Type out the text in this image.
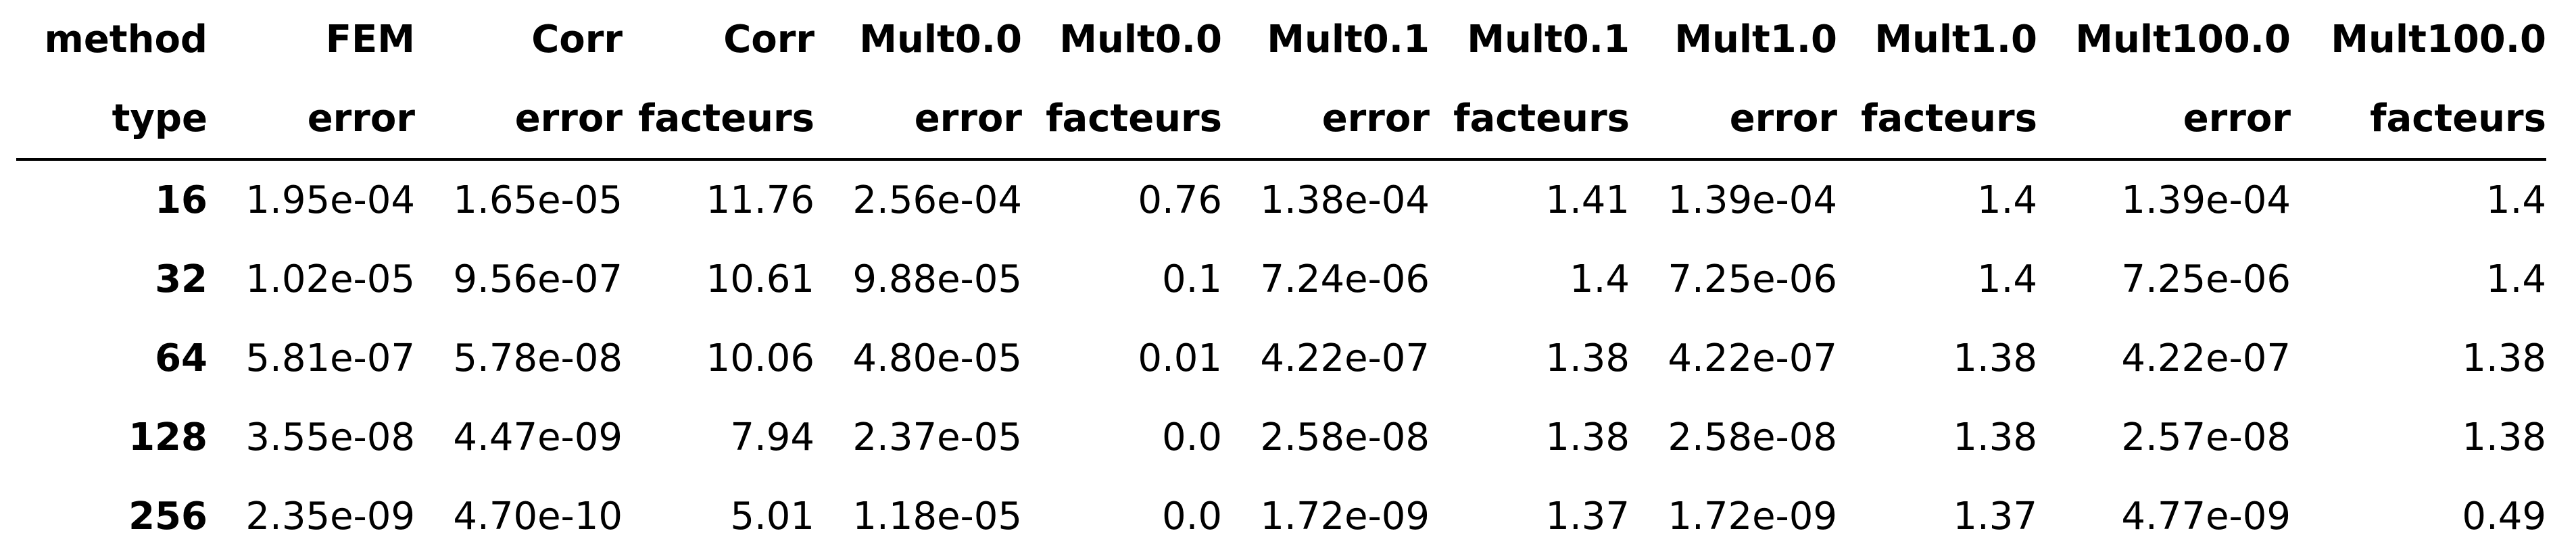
method	FEM	Corr	Corr	Mult0.0	Mult0.0	Mult0.1	Mult0.1	Mult1.0	Mult1.0	Mult100.0	Mult100.0
type	error	error	facteurs	error	facteurs	error	facteurs	error	facteurs	error	facteurs
16	1.95e-04	1.65e-05	11.76	2.56e-04	0.76	1.38e-04	1.41	1.39e-04	1.4	1.39e-04	1.4
32	1.02e-05	9.56e-07	10.61	9.88e-05	0.1	7.24e-06	1.4	7.25e-06	1.4	7.25e-06	1.4
64	5.81e-07	5.78e-08	10.06	4.80e-05	0.01	4.22e-07	1.38	4.22e-07	1.38	4.22e-07	1.38
128	3.55e-08	4.47e-09	7.94	2.37e-05	0.0	2.58e-08	1.38	2.58e-08	1.38	2.57e-08	1.38
256	2.35e-09	4.70e-10	5.01	1.18e-05	0.0	1.72e-09	1.37	1.72e-09	1.37	4.77e-09	0.49
